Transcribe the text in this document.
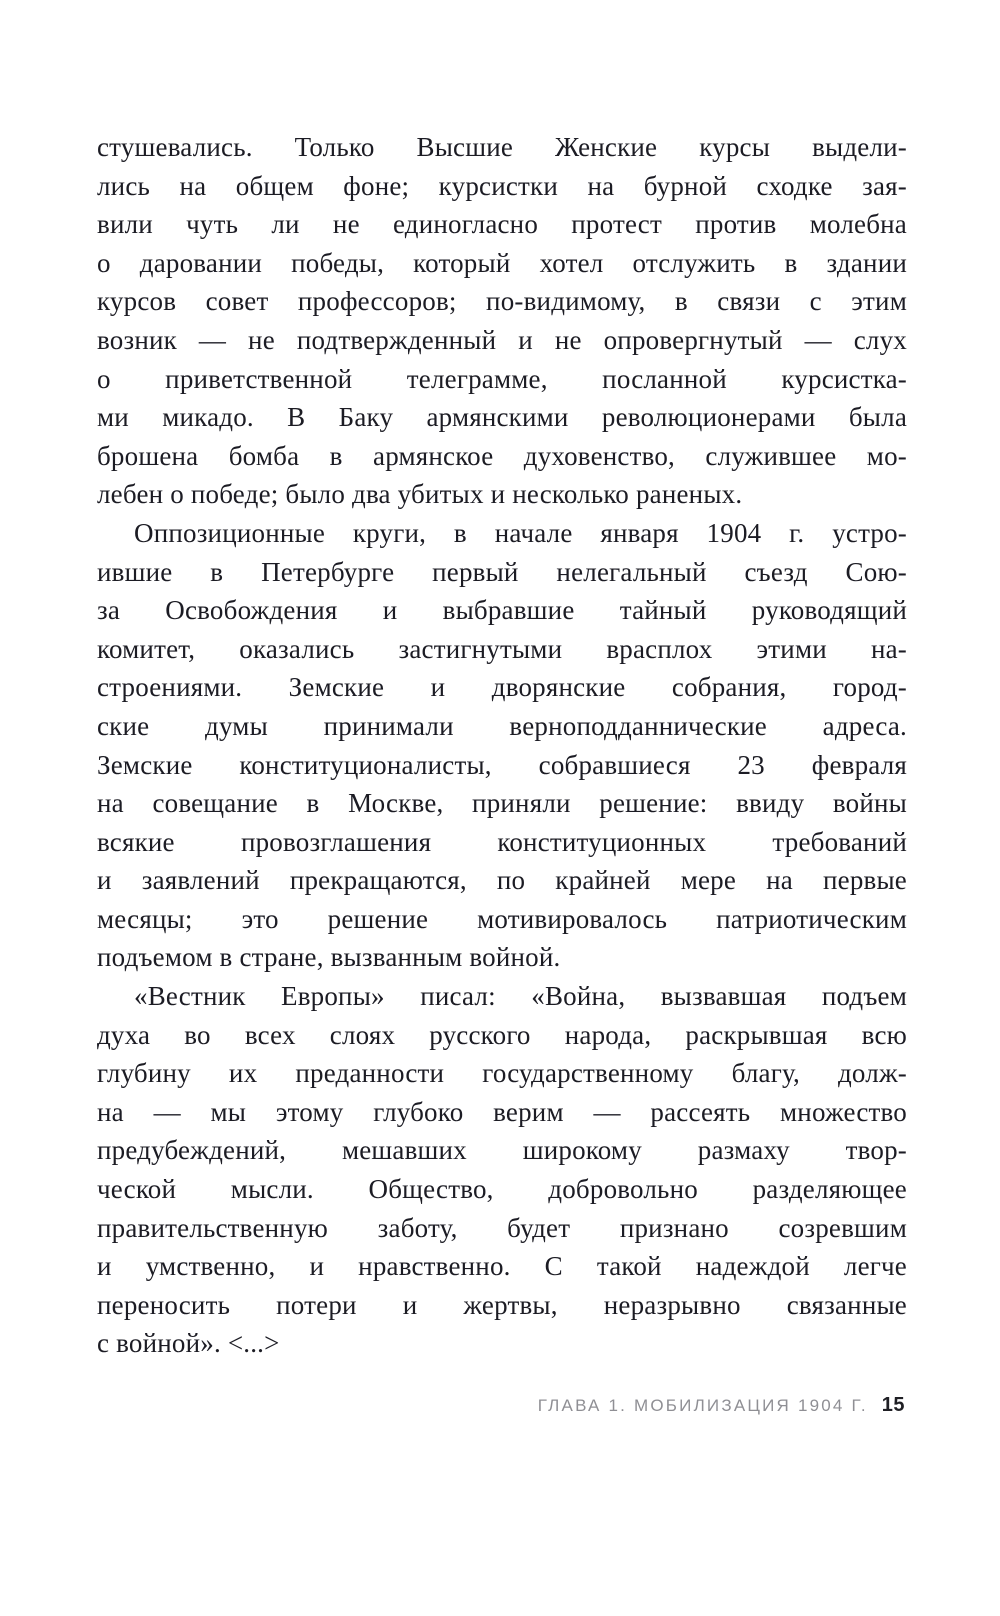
стушевались. Только Высшие Женские курсы выдели-
лись на общем фоне; курсистки на бурной сходке зая-
вили чуть ли не единогласно протест против молебна
о даровании победы, который хотел отслужить в здании
курсов совет профессоров; по-видимому, в связи с этим
возник — не подтвержденный и не опровергнутый — слух
о приветственной телеграмме, посланной курсистка-
ми микадо. В Баку армянскими революционерами была
брошена бомба в армянское духовенство, служившее мо-
лебен о победе; было два убитых и несколько раненых.
Оппозиционные круги, в начале января 1904 г. устро-
ившие в Петербурге первый нелегальный съезд Сою-
за Освобождения и выбравшие тайный руководящий
комитет, оказались застигнутыми врасплох этими на-
строениями. Земские и дворянские собрания, город-
ские думы принимали верноподданнические адреса.
Земские конституционалисты, собравшиеся 23 февраля
на совещание в Москве, приняли решение: ввиду войны
всякие провозглашения конституционных требований
и заявлений прекращаются, по крайней мере на первые
месяцы; это решение мотивировалось патриотическим
подъемом в стране, вызванным войной.
«Вестник Европы» писал: «Война, вызвавшая подъем
духа во всех слоях русского народа, раскрывшая всю
глубину их преданности государственному благу, долж-
на — мы этому глубоко верим — рассеять множество
предубеждений, мешавших широкому размаху твор-
ческой мысли. Общество, добровольно разделяющее
правительственную заботу, будет признано созревшим
и умственно, и нравственно. С такой надеждой легче
переносить потери и жертвы, неразрывно связанные
с войной». <...>
ГЛАВА 1. МОБИЛИЗАЦИЯ 1904 Г. 15
